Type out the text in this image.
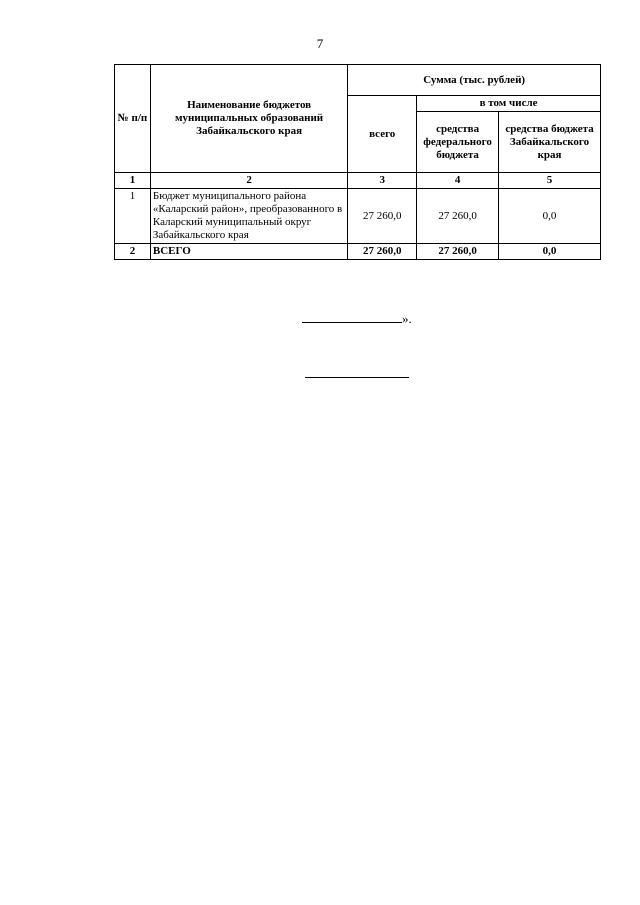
7
№ п/п	Наименование бюджетов муниципальных образований Забайкальского края	Сумма (тыс. рублей)		
		всего	в том числе	
			средства федерального бюджета	средства бюджета Забайкальского края
1	2	3	4	5
1	Бюджет муниципального района «Каларский район», преобразованного в Каларский муниципальный округ Забайкальского края	27 260,0	27 260,0	0,0
2	ВСЕГО	27 260,0	27 260,0	0,0
».
